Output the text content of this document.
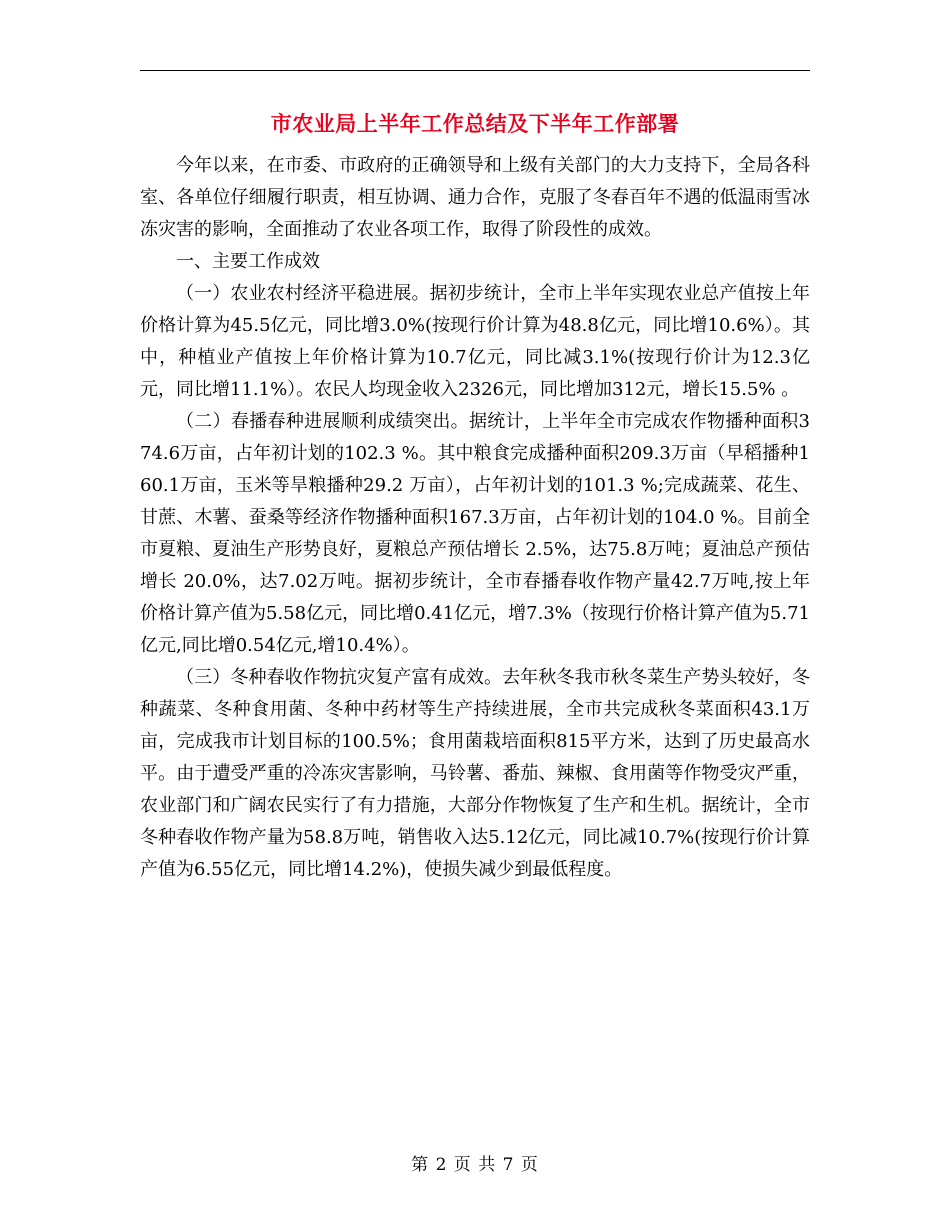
市农业局上半年工作总结及下半年工作部署

今年以来，在市委、市政府的正确领导和上级有关部门的大力支持下，全局各科室、各单位仔细履行职责，相互协调、通力合作，克服了冬春百年不遇的低温雨雪冰冻灾害的影响，全面推动了农业各项工作，取得了阶段性的成效。

一、主要工作成效

（一）农业农村经济平稳进展。据初步统计，全市上半年实现农业总产值按上年价格计算为45.5亿元，同比增3.0%(按现行价计算为48.8亿元，同比增10.6%）。其中，种植业产值按上年价格计算为10.7亿元，同比减3.1%(按现行价计为12.3亿元，同比增11.1%）。农民人均现金收入2326元，同比增加312元，增长15.5% 。

（二）春播春种进展顺利成绩突出。据统计，上半年全市完成农作物播种面积374.6万亩，占年初计划的102.3 %。其中粮食完成播种面积209.3万亩（早稻播种160.1万亩，玉米等旱粮播种29.2 万亩），占年初计划的101.3 %;完成蔬菜、花生、甘蔗、木薯、蚕桑等经济作物播种面积167.3万亩，占年初计划的104.0 %。目前全市夏粮、夏油生产形势良好，夏粮总产预估增长 2.5%，达75.8万吨；夏油总产预估增长 20.0%，达7.02万吨。据初步统计，全市春播春收作物产量42.7万吨,按上年价格计算产值为5.58亿元，同比增0.41亿元，增7.3%（按现行价格计算产值为5.71亿元,同比增0.54亿元,增10.4%）。

（三）冬种春收作物抗灾复产富有成效。去年秋冬我市秋冬菜生产势头较好，冬种蔬菜、冬种食用菌、冬种中药材等生产持续进展，全市共完成秋冬菜面积43.1万亩，完成我市计划目标的100.5%；食用菌栽培面积815平方米，达到了历史最高水平。由于遭受严重的冷冻灾害影响，马铃薯、番茄、辣椒、食用菌等作物受灾严重，农业部门和广阔农民实行了有力措施，大部分作物恢复了生产和生机。据统计，全市冬种春收作物产量为58.8万吨，销售收入达5.12亿元，同比减10.7%(按现行价计算产值为6.55亿元，同比增14.2%)，使损失减少到最低程度。

第 2 页 共 7 页
